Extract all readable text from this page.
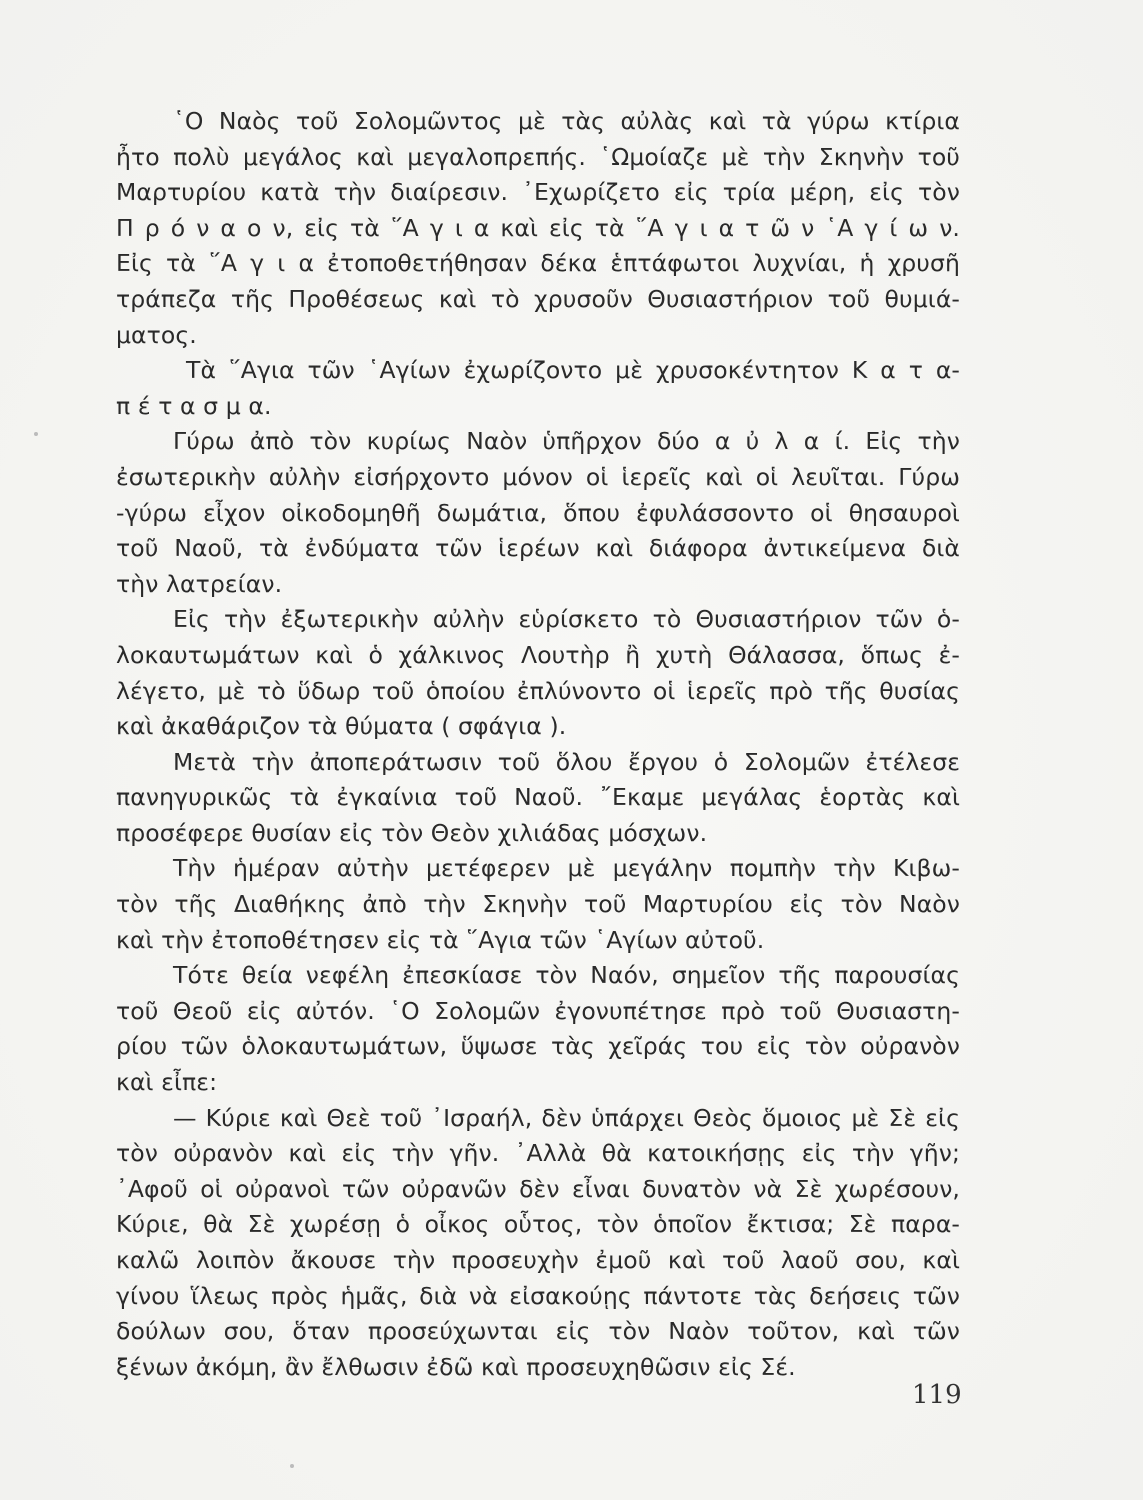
῾Ο Ναὸς τοῦ Σολομῶντος μὲ τὰς αὐλὰς καὶ τὰ γύρω κτίρια
ἦτο πολὺ μεγάλος καὶ μεγαλοπρεπής. ῾Ωμοίαζε μὲ τὴν Σκηνὴν τοῦ
Μαρτυρίου κατὰ τὴν διαίρεσιν. ᾿Εχωρίζετο εἰς τρία μέρη, εἰς τὸν
Π ρ ό ν α ο ν, εἰς τὰ ῞Α γ ι α καὶ εἰς τὰ ῞Α γ ι α τ ῶ ν ῾Α γ ί ω ν.
Εἰς τὰ ῞Α γ ι α ἐτοποθετήθησαν δέκα ἑπτάφωτοι λυχνίαι, ἡ χρυσῆ
τράπεζα τῆς Προθέσεως καὶ τὸ χρυσοῦν Θυσιαστήριον τοῦ θυμιά-
ματος.
Τὰ ῞Αγια τῶν ῾Αγίων ἐχωρίζοντο μὲ χρυσοκέντητον Κ α τ α-
π έ τ α σ μ α.
Γύρω ἀπὸ τὸν κυρίως Ναὸν ὑπῆρχον δύο α ὐ λ α ί. Εἰς τὴν
ἐσωτερικὴν αὐλὴν εἰσήρχοντο μόνον οἱ ἱερεῖς καὶ οἱ λευῖται. Γύρω
-γύρω εἶχον οἰκοδομηθῆ δωμάτια, ὅπου ἐφυλάσσοντο οἱ θησαυροὶ
τοῦ Ναοῦ, τὰ ἐνδύματα τῶν ἱερέων καὶ διάφορα ἀντικείμενα διὰ
τὴν λατρείαν.
Εἰς τὴν ἐξωτερικὴν αὐλὴν εὑρίσκετο τὸ Θυσιαστήριον τῶν ὁ-
λοκαυτωμάτων καὶ ὁ χάλκινος Λουτὴρ ἢ χυτὴ Θάλασσα, ὅπως ἐ-
λέγετο, μὲ τὸ ὕδωρ τοῦ ὁποίου ἐπλύνοντο οἱ ἱερεῖς πρὸ τῆς θυσίας
καὶ ἀκαθάριζον τὰ θύματα ( σφάγια ).
Μετὰ τὴν ἀποπεράτωσιν τοῦ ὅλου ἔργου ὁ Σολομῶν ἐτέλεσε
πανηγυρικῶς τὰ ἐγκαίνια τοῦ Ναοῦ. ῎Εκαμε μεγάλας ἑορτὰς καὶ
προσέφερε θυσίαν εἰς τὸν Θεὸν χιλιάδας μόσχων.
Τὴν ἡμέραν αὐτὴν μετέφερεν μὲ μεγάλην πομπὴν τὴν Κιβω-
τὸν τῆς Διαθήκης ἀπὸ τὴν Σκηνὴν τοῦ Μαρτυρίου εἰς τὸν Ναὸν
καὶ τὴν ἐτοποθέτησεν εἰς τὰ ῞Αγια τῶν ῾Αγίων αὐτοῦ.
Τότε θεία νεφέλη ἐπεσκίασε τὸν Ναόν, σημεῖον τῆς παρουσίας
τοῦ Θεοῦ εἰς αὐτόν. ῾Ο Σολομῶν ἐγονυπέτησε πρὸ τοῦ Θυσιαστη-
ρίου τῶν ὁλοκαυτωμάτων, ὕψωσε τὰς χεῖράς του εἰς τὸν οὐρανὸν
καὶ εἶπε:
— Κύριε καὶ Θεὲ τοῦ ᾿Ισραήλ, δὲν ὑπάρχει Θεὸς ὅμοιος μὲ Σὲ εἰς
τὸν οὐρανὸν καὶ εἰς τὴν γῆν. ᾿Αλλὰ θὰ κατοικήσῃς εἰς τὴν γῆν;
᾿Αφοῦ οἱ οὐρανοὶ τῶν οὐρανῶν δὲν εἶναι δυνατὸν νὰ Σὲ χωρέσουν,
Κύριε, θὰ Σὲ χωρέσῃ ὁ οἶκος οὗτος, τὸν ὁποῖον ἔκτισα; Σὲ παρα-
καλῶ λοιπὸν ἄκουσε τὴν προσευχὴν ἐμοῦ καὶ τοῦ λαοῦ σου, καὶ
γίνου ἵλεως πρὸς ἡμᾶς, διὰ νὰ εἰσακούῃς πάντοτε τὰς δεήσεις τῶν
δούλων σου, ὅταν προσεύχωνται εἰς τὸν Ναὸν τοῦτον, καὶ τῶν
ξένων ἀκόμη, ἂν ἔλθωσιν ἐδῶ καὶ προσευχηθῶσιν εἰς Σέ.
119
